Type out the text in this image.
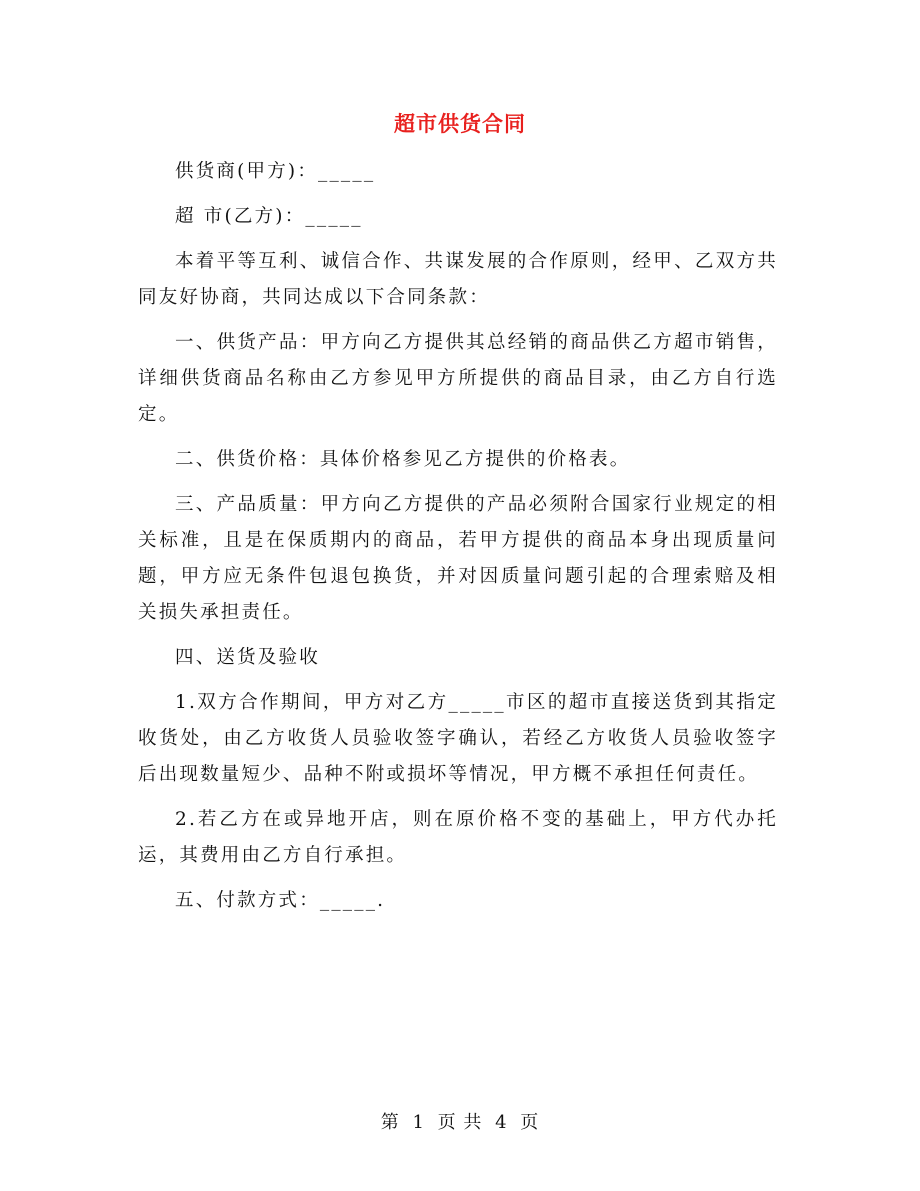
超市供货合同

供货商(甲方)：_____

超 市(乙方)：_____

本着平等互利、诚信合作、共谋发展的合作原则，经甲、乙双方共同友好协商，共同达成以下合同条款：

一、供货产品：甲方向乙方提供其总经销的商品供乙方超市销售，详细供货商品名称由乙方参见甲方所提供的商品目录，由乙方自行选定。

二、供货价格：具体价格参见乙方提供的价格表。

三、产品质量：甲方向乙方提供的产品必须附合国家行业规定的相关标准，且是在保质期内的商品，若甲方提供的商品本身出现质量问题，甲方应无条件包退包换货，并对因质量问题引起的合理索赔及相关损失承担责任。

四、送货及验收

1.双方合作期间，甲方对乙方_____市区的超市直接送货到其指定收货处，由乙方收货人员验收签字确认，若经乙方收货人员验收签字后出现数量短少、品种不附或损坏等情况，甲方概不承担任何责任。

2.若乙方在或异地开店，则在原价格不变的基础上，甲方代办托运，其费用由乙方自行承担。

五、付款方式：_____.

第 1 页 共 4 页
